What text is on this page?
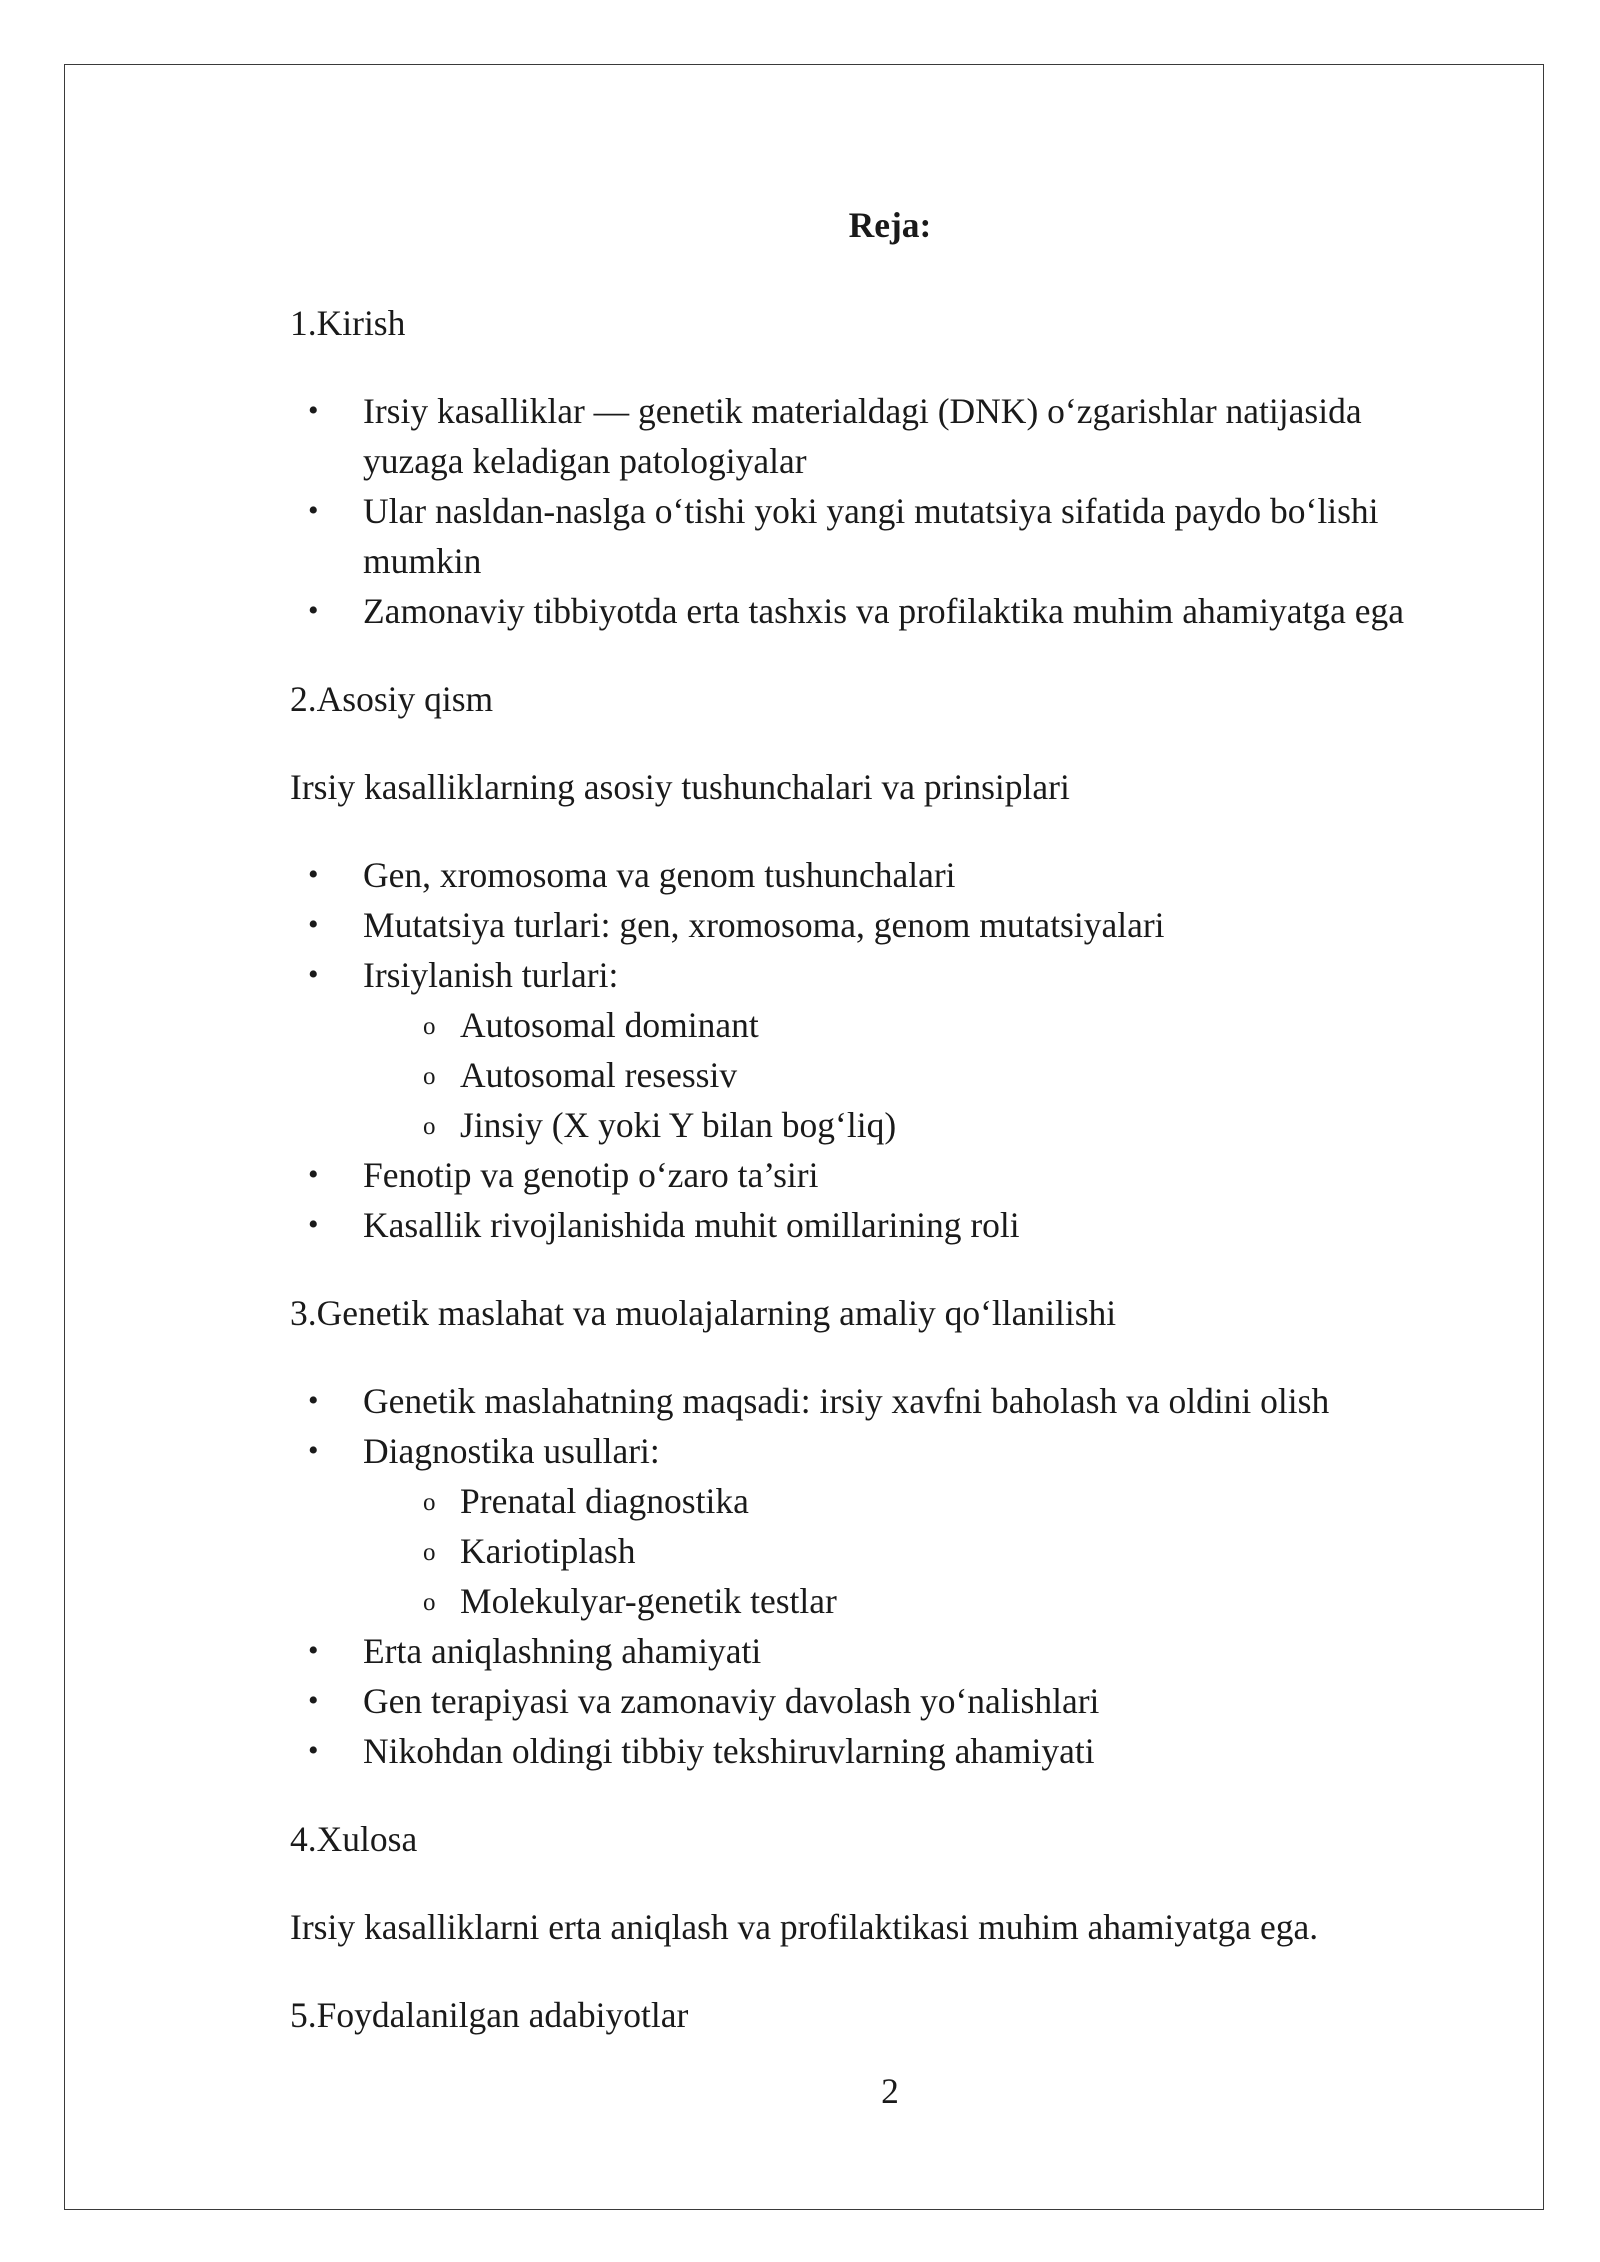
Reja:

1.Kirish

• Irsiy kasalliklar — genetik materialdagi (DNK) o‘zgarishlar natijasida yuzaga keladigan patologiyalar
• Ular nasldan-naslga o‘tishi yoki yangi mutatsiya sifatida paydo bo‘lishi mumkin
• Zamonaviy tibbiyotda erta tashxis va profilaktika muhim ahamiyatga ega

2.Asosiy qism

Irsiy kasalliklarning asosiy tushunchalari va prinsiplari

• Gen, xromosoma va genom tushunchalari
• Mutatsiya turlari: gen, xromosoma, genom mutatsiyalari
• Irsiylanish turlari:
o Autosomal dominant
o Autosomal resessiv
o Jinsiy (X yoki Y bilan bog‘liq)
• Fenotip va genotip o‘zaro ta’siri
• Kasallik rivojlanishida muhit omillarining roli

3.Genetik maslahat va muolajalarning amaliy qo‘llanilishi

• Genetik maslahatning maqsadi: irsiy xavfni baholash va oldini olish
• Diagnostika usullari:
o Prenatal diagnostika
o Kariotiplash
o Molekulyar-genetik testlar
• Erta aniqlashning ahamiyati
• Gen terapiyasi va zamonaviy davolash yo‘nalishlari
• Nikohdan oldingi tibbiy tekshiruvlarning ahamiyati

4.Xulosa

Irsiy kasalliklarni erta aniqlash va profilaktikasi muhim ahamiyatga ega.

5.Foydalanilgan adabiyotlar

2
